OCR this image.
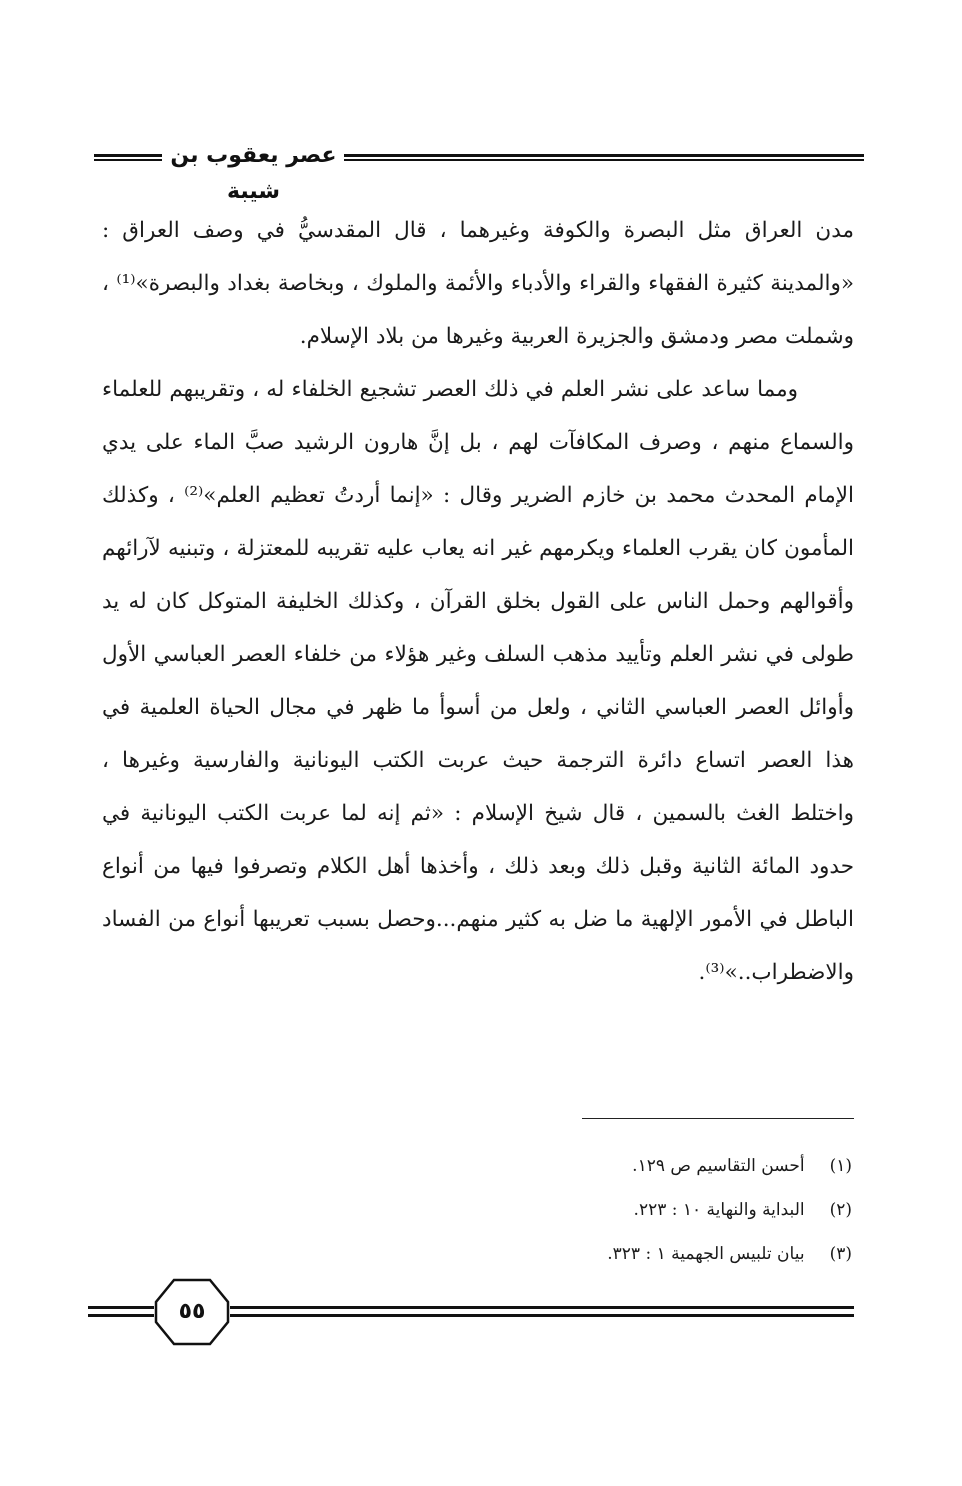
عصر يعقوب بن شيبة

مدن العراق مثل البصرة والكوفة وغيرهما ، قال المقدسيُّ في وصف العراق : «والمدينة كثيرة الفقهاء والقراء والأدباء والأئمة والملوك ، وبخاصة بغداد والبصرة»⁽¹⁾ ، وشملت مصر ودمشق والجزيرة العربية وغيرها من بلاد الإسلام.

ومما ساعد على نشر العلم في ذلك العصر تشجيع الخلفاء له ، وتقريبهم للعلماء والسماع منهم ، وصرف المكافآت لهم ، بل إنَّ هارون الرشيد صبَّ الماء على يدي الإمام المحدث محمد بن خازم الضرير وقال : «إنما أردتُ تعظيم العلم»⁽²⁾ ، وكذلك المأمون كان يقرب العلماء ويكرمهم غير انه يعاب عليه تقريبه للمعتزلة ، وتبنيه لآرائهم وأقوالهم وحمل الناس على القول بخلق القرآن ، وكذلك الخليفة المتوكل كان له يد طولى في نشر العلم وتأييد مذهب السلف وغير هؤلاء من خلفاء العصر العباسي الأول وأوائل العصر العباسي الثاني ، ولعل من أسوأ ما ظهر في مجال الحياة العلمية في هذا العصر اتساع دائرة الترجمة حيث عربت الكتب اليونانية والفارسية وغيرها ، واختلط الغث بالسمين ، قال شيخ الإسلام : «ثم إنه لما عربت الكتب اليونانية في حدود المائة الثانية وقبل ذلك وبعد ذلك ، وأخذها أهل الكلام وتصرفوا فيها من أنواع الباطل في الأمور الإلهية ما ضل به كثير منهم...وحصل بسبب تعريبها أنواع من الفساد والاضطراب..»⁽³⁾.

(١) أحسن التقاسيم ص ١٢٩.
(٢) البداية والنهاية ١٠ : ٢٢٣.
(٣) بيان تلبيس الجهمية ١ : ٣٢٣.
٥٥
